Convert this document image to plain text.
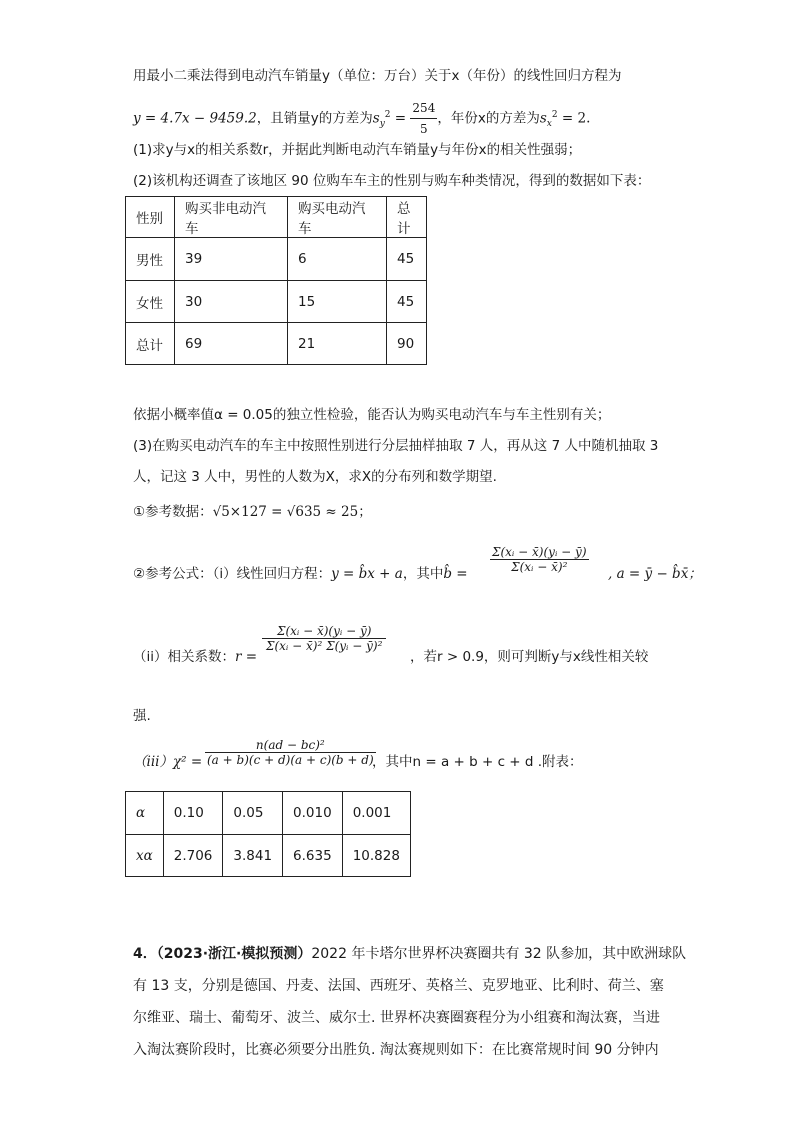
用最小二乘法得到电动汽车销量y（单位：万台）关于x（年份）的线性回归方程为
y = 4.7x − 9459.2，且销量y的方差为$s_y^2 = \frac{254}{5}$ ，年份x的方差为$s_x^2 = 2$.
(1)求y与x的相关系数r，并据此判断电动汽车销量y与年份x的相关性强弱；
(2)该机构还调查了该地区 90 位购车车主的性别与购车种类情况，得到的数据如下表：
性别	购买非电动汽车	购买电动汽车	总计
男性	39	6	45
女性	30	15	45
总计	69	21	90
依据小概率值α = 0.05的独立性检验，能否认为购买电动汽车与车主性别有关；
(3)在购买电动汽车的车主中按照性别进行分层抽样抽取 7 人，再从这 7 人中随机抽取 3
人，记这 3 人中，男性的人数为X，求X的分布列和数学期望.
①参考数据：√5×127 = √635 ≈ 25；
②参考公式：（i）线性回归方程：y = b̂x + a，其中b̂ = $\frac{\text{Σ(xᵢ − x̄)(yᵢ − ȳ)}}{\text{Σ(xᵢ − x̄)²}}$ , a = ȳ − b̂x̄；
（ii）相关系数：r =
$\frac{\text{Σ(xᵢ − x̄)(yᵢ − ȳ)}}{\text{Σ(xᵢ − x̄)² Σ(yᵢ − ȳ)²}}$
，若r > 0.9，则可判断y与x线性相关较
强.
$(iii)\chi^2 = \frac{\text{n(ad − bc)²}}{(a + b)(c + d)(a + c)(b + d)}$
，其中n = a + b + c + d .附表：
α	0.10	0.05	0.010	0.001
xα	2.706	3.841	6.635	10.828
4．（2023·浙江·模拟预测）2022 年卡塔尔世界杯决赛圈共有 32 队参加，其中欧洲球队
有 13 支，分别是德国、丹麦、法国、西班牙、英格兰、克罗地亚、比利时、荷兰、塞
尔维亚、瑞士、葡萄牙、波兰、威尔士. 世界杯决赛圈赛程分为小组赛和淘汰赛，当进
入淘汰赛阶段时，比赛必须要分出胜负. 淘汰赛规则如下：在比赛常规时间 90 分钟内
